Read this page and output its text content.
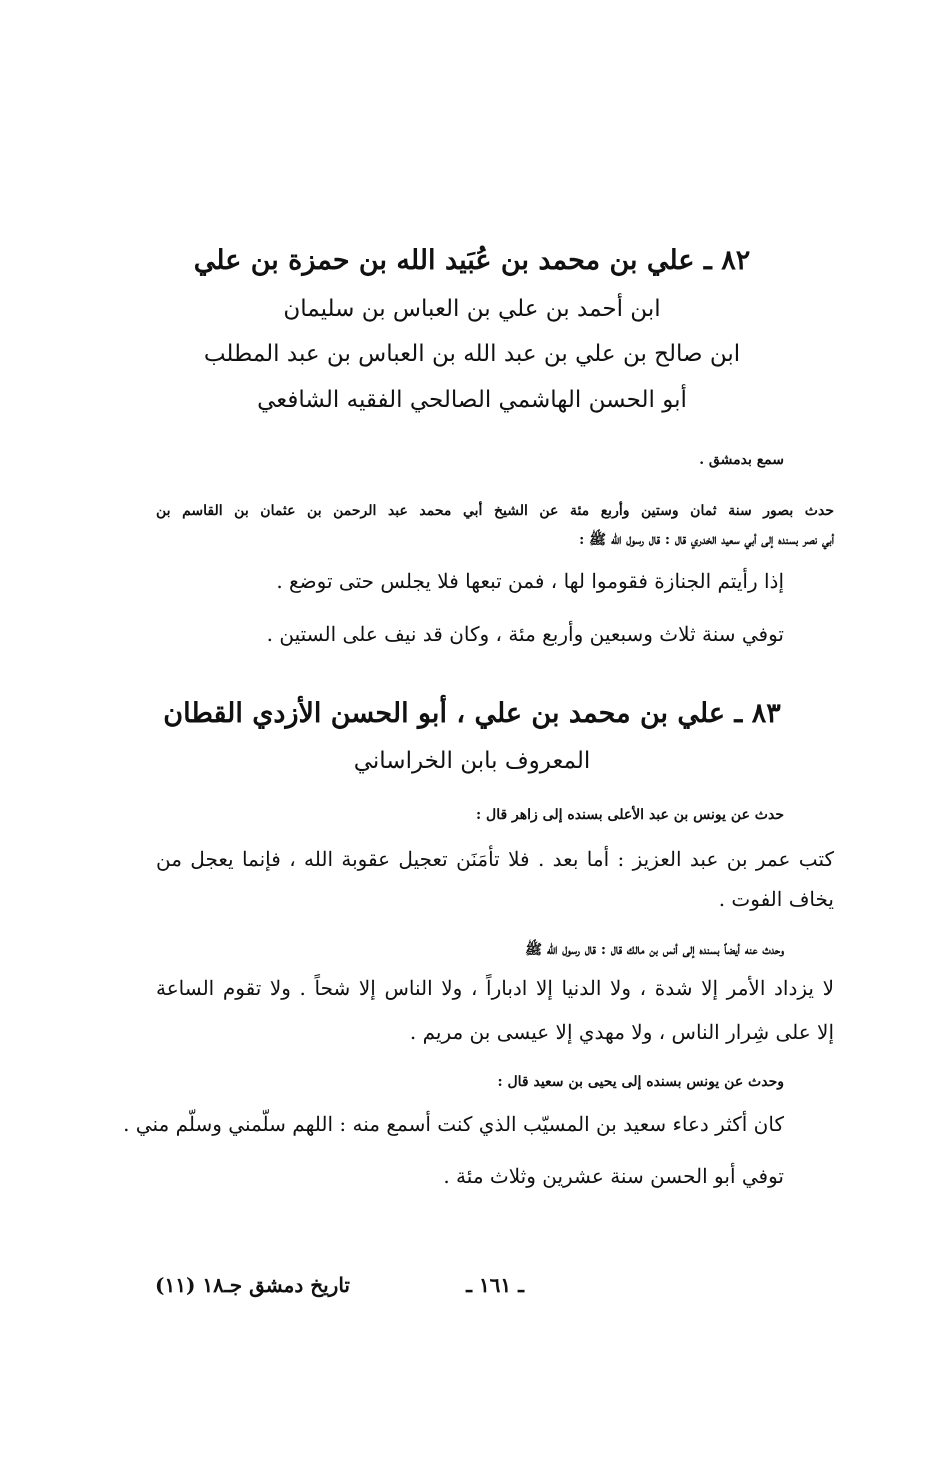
٨٢ ـ علي بن محمد بن عُبَيد الله بن حمزة بن علي

ابن أحمد بن علي بن العباس بن سليمان

ابن صالح بن علي بن عبد الله بن العباس بن عبد المطلب

أبو الحسن الهاشمي الصالحي الفقيه الشافعي

سمع بدمشق .

حدث بصور سنة ثمان وستين وأربع مئة عن الشيخ أبي محمد عبد الرحمن بن عثمان بن القاسم بن

أبي نصر بسنده إلى أبي سعيد الخدري قال : قال رسول الله ﷺ :

إذا رأيتم الجنازة فقوموا لها ، فمن تبعها فلا يجلس حتى توضع .

توفي سنة ثلاث وسبعين وأربع مئة ، وكان قد نيف على الستين .

٨٣ ـ علي بن محمد بن علي ، أبو الحسن الأزدي القطان

المعروف بابن الخراساني

حدث عن يونس بن عبد الأعلى بسنده إلى زاهر قال :

كتب عمر بن عبد العزيز : أما بعد . فلا تأمَنَن تعجيل عقوبة الله ، فإنما يعجل من

يخاف الفوت .

وحدث عنه أيضاً بسنده إلى أنس بن مالك قال : قال رسول الله ﷺ

لا يزداد الأمر إلا شدة ، ولا الدنيا إلا ادباراً ، ولا الناس إلا شحاً . ولا تقوم الساعة

إلا على شِرار الناس ، ولا مهدي إلا عيسى بن مريم .

وحدث عن يونس بسنده إلى يحيى بن سعيد قال :

كان أكثر دعاء سعيد بن المسيّب الذي كنت أسمع منه : اللهم سلّمني وسلّم مني .

توفي أبو الحسن سنة عشرين وثلاث مئة .

ـ ١٦١ ـ

تاريخ دمشق جـ١٨ (١١)
